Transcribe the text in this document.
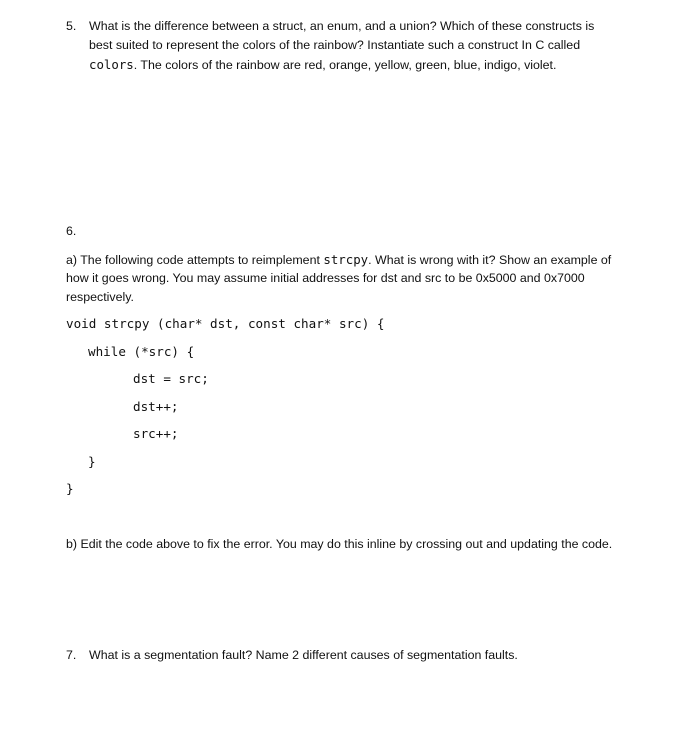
5.	What is the difference between a struct, an enum, and a union? Which of these constructs is
best suited to represent the colors of the rainbow? Instantiate such a construct In C called
colors. The colors of the rainbow are red, orange, yellow, green, blue, indigo, violet.
6.
a) The following code attempts to reimplement strcpy. What is wrong with it? Show an example of
how it goes wrong. You may assume initial addresses for dst and src to be 0x5000 and 0x7000
respectively.
void strcpy (char* dst, const char* src) {
while (*src) {
dst = src;
dst++;
src++;
}
}
b) Edit the code above to fix the error. You may do this inline by crossing out and updating the code.
7. What is a segmentation fault? Name 2 different causes of segmentation faults.
